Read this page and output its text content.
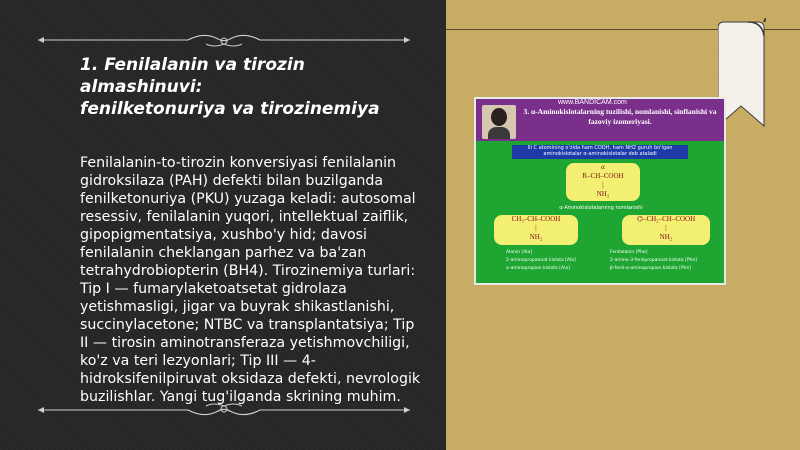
1. Fenilalanin va tirozin almashinuvi:
fenilketonuriya va tirozinemiya
Fenilalanin-to-tirozin konversiyasi fenilalanin gidroksilaza (PAH) defekti bilan buzilganda fenilketonuriya (PKU) yuzaga keladi: autosomal resessiv, fenilalanin yuqori, intellektual zaiflik, gipopigmentatsiya, xushbo'y hid; davosi fenilalanin cheklangan parhez va ba'zan tetrahydrobiopterin (BH4). Tirozinemiya turlari: Tip I — fumarylaketoatsetat gidrolaza yetishmasligi, jigar va buyrak shikastlanishi, succinylacetone; NTBC va transplantatsiya; Tip II — tirosin aminotransferaza yetishmovchiligi, ko'z va teri lezyonlari; Tip III — 4-hidroksifenilpiruvat oksidaza defekti, nevrologik buzilishlar. Yangi tug'ilganda skrining muhim.
www.BANDICAM.com
3. α-Aminokislotalarning tuzilishi, nomlanishi, sinflanishi va fazoviy izomeriyasi.
Ili C atomining o'zida ham COOH, ham NH2 guruh bo'lgan aminokislotalar α-aminokislotalar deb ataladi
α
R–CH–COOH
|
NH₂
α-Aminokislotalarning nomlanishi
CH₃–CH–COOH
|
NH₂
⌬–CH₂–CH–COOH
|
NH₂
Alanin [Ala]
2-aminopropanoat kislota [Ala]
α-aminopropion kislota [Ala]
Fenilalanin [Phe]
2-amino-3-fenilpropanoat kislota [Phe]
β-fenil-α-aminopropion kislota [Phe]
